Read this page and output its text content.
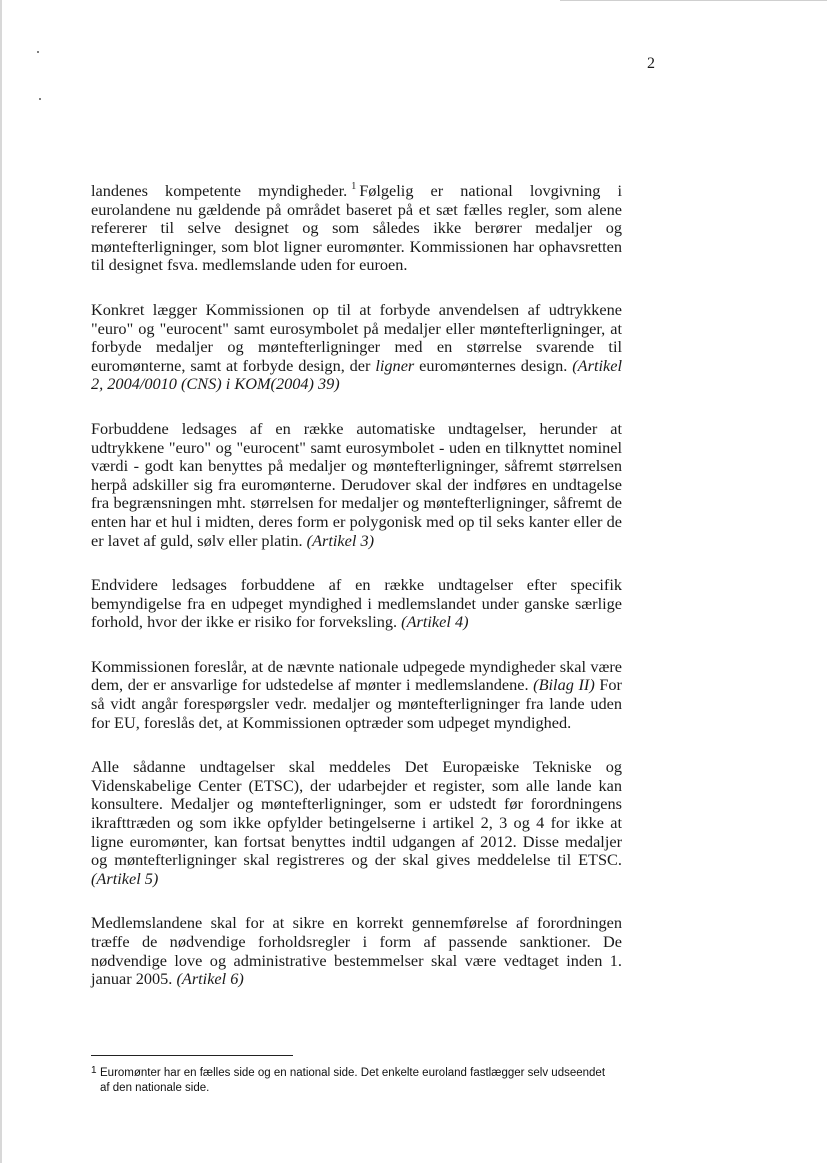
2

landenes kompetente myndigheder. $^1$ Følgelig er national lovgivning i eurolandene nu gældende på området baseret på et sæt fælles regler, som alene refererer til selve designet og som således ikke berører medaljer og møntefterligninger, som blot ligner euromønter. Kommissionen har ophavsretten til designet fsva. medlemslande uden for euroen.

Konkret lægger Kommissionen op til at forbyde anvendelsen af udtrykkene "euro" og "eurocent" samt eurosymbolet på medaljer eller møntefterligninger, at forbyde medaljer og møntefterligninger med en størrelse svarende til euromønterne, samt at forbyde design, der ligner euromønternes design. (Artikel 2, 2004/0010 (CNS) i KOM(2004) 39)

Forbuddene ledsages af en række automatiske undtagelser, herunder at udtrykkene "euro" og "eurocent" samt eurosymbolet - uden en tilknyttet nominel værdi - godt kan benyttes på medaljer og møntefterligninger, såfremt størrelsen herpå adskiller sig fra euromønterne. Derudover skal der indføres en undtagelse fra begrænsningen mht. størrelsen for medaljer og møntefterligninger, såfremt de enten har et hul i midten, deres form er polygonisk med op til seks kanter eller de er lavet af guld, sølv eller platin. (Artikel 3)

Endvidere ledsages forbuddene af en række undtagelser efter specifik bemyndigelse fra en udpeget myndighed i medlemslandet under ganske særlige forhold, hvor der ikke er risiko for forveksling. (Artikel 4)

Kommissionen foreslår, at de nævnte nationale udpegede myndigheder skal være dem, der er ansvarlige for udstedelse af mønter i medlemslandene. (Bilag II) For så vidt angår forespørgsler vedr. medaljer og møntefterligninger fra lande uden for EU, foreslås det, at Kommissionen optræder som udpeget myndighed.

Alle sådanne undtagelser skal meddeles Det Europæiske Tekniske og Videnskabelige Center (ETSC), der udarbejder et register, som alle lande kan konsultere. Medaljer og møntefterligninger, som er udstedt før forordningens ikrafttræden og som ikke opfylder betingelserne i artikel 2, 3 og 4 for ikke at ligne euromønter, kan fortsat benyttes indtil udgangen af 2012. Disse medaljer og møntefterligninger skal registreres og der skal gives meddelelse til ETSC. (Artikel 5)

Medlemslandene skal for at sikre en korrekt gennemførelse af forordningen træffe de nødvendige forholdsregler i form af passende sanktioner. De nødvendige love og administrative bestemmelser skal være vedtaget inden 1. januar 2005. (Artikel 6)

1 Euromønter har en fælles side og en national side. Det enkelte euroland fastlægger selv udseendet af den nationale side.
